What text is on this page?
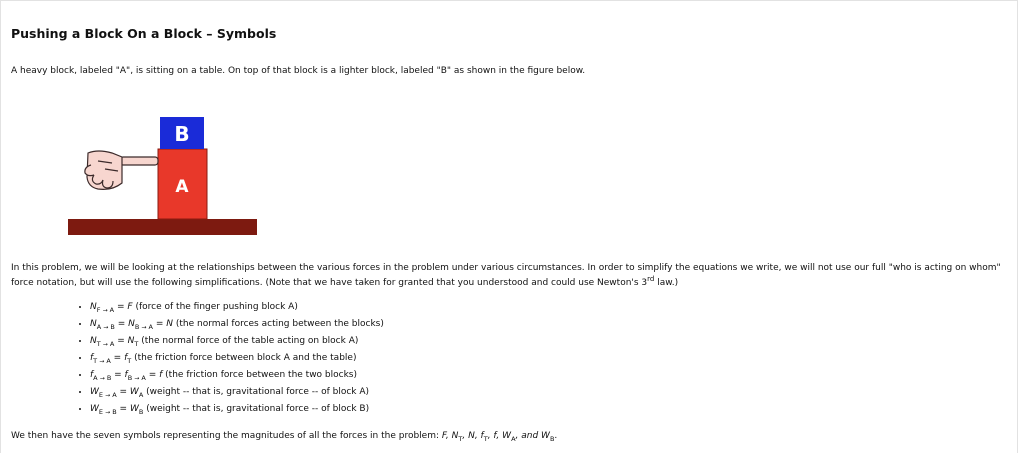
Pushing a Block On a Block – Symbols
A heavy block, labeled "A", is sitting on a table. On top of that block is a lighter block, labeled "B" as shown in the figure below.
B
A
In this problem, we will be looking at the relationships between the various forces in the problem under various circumstances. In order to simplify the equations we write, we will not use our full "who is acting on whom" force notation, but will use the following simplifications. (Note that we have taken for granted that you understood and could use Newton's 3rd law.)
• $N_{F \to A} = F$ (force of the finger pushing block A)
• $N_{A \to B} = N_{B \to A} = N$ (the normal forces acting between the blocks)
• $N_{T \to A} = N_T$ (the normal force of the table acting on block A)
• $f_{T \to A} = f_T$ (the friction force between block A and the table)
• $f_{A \to B} = f_{B \to A} = f$ (the friction force between the two blocks)
• $W_{E \to A} = W_A$ (weight -- that is, gravitational force -- of block A)
• $W_{E \to B} = W_B$ (weight -- that is, gravitational force -- of block B)
We then have the seven symbols representing the magnitudes of all the forces in the problem: F, $N_T$, N, $f_T$, f, $W_A$, and $W_B$.
